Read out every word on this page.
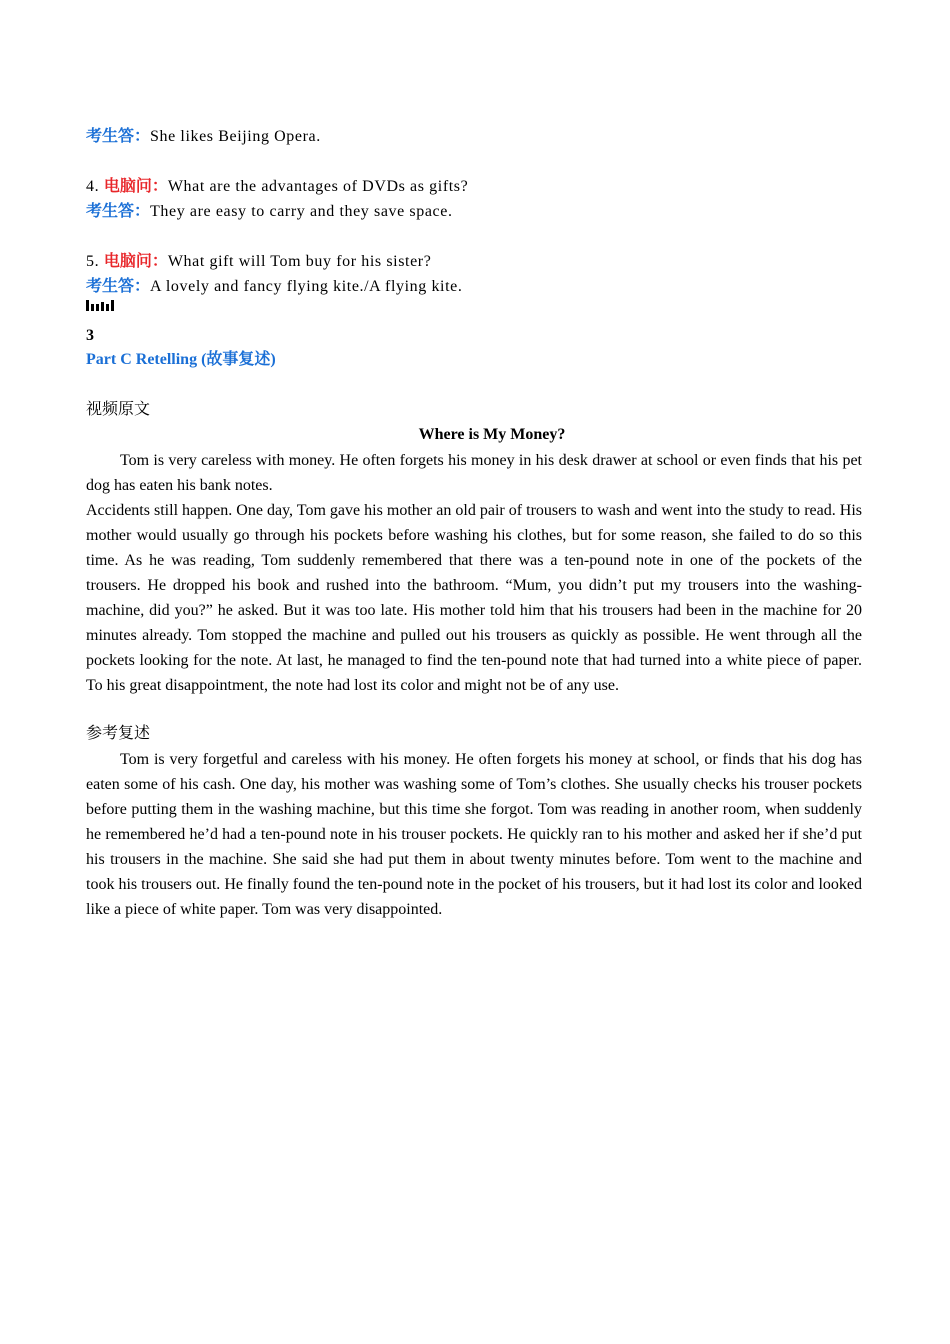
考生答：She likes Beijing Opera.
4. 电脑问：What are the advantages of DVDs as gifts?
考生答：They are easy to carry and they save space.
5. 电脑问：What gift will Tom buy for his sister?
考生答：A lovely and fancy flying kite./A flying kite.
3
Part C Retelling (故事复述)
视频原文
Where is My Money?
Tom is very careless with money. He often forgets his money in his desk drawer at school or even finds that his pet dog has eaten his bank notes.
Accidents still happen. One day, Tom gave his mother an old pair of trousers to wash and went into the study to read. His mother would usually go through his pockets before washing his clothes, but for some reason, she failed to do so this time. As he was reading, Tom suddenly remembered that there was a ten-pound note in one of the pockets of the trousers. He dropped his book and rushed into the bathroom. “Mum, you didn’t put my trousers into the washing-machine, did you?” he asked. But it was too late. His mother told him that his trousers had been in the machine for 20 minutes already. Tom stopped the machine and pulled out his trousers as quickly as possible. He went through all the pockets looking for the note. At last, he managed to find the ten-pound note that had turned into a white piece of paper. To his great disappointment, the note had lost its color and might not be of any use.
参考复述
Tom is very forgetful and careless with his money. He often forgets his money at school, or finds that his dog has eaten some of his cash. One day, his mother was washing some of Tom’s clothes. She usually checks his trouser pockets before putting them in the washing machine, but this time she forgot. Tom was reading in another room, when suddenly he remembered he’d had a ten-pound note in his trouser pockets. He quickly ran to his mother and asked her if she’d put his trousers in the machine. She said she had put them in about twenty minutes before. Tom went to the machine and took his trousers out. He finally found the ten-pound note in the pocket of his trousers, but it had lost its color and looked like a piece of white paper. Tom was very disappointed.
